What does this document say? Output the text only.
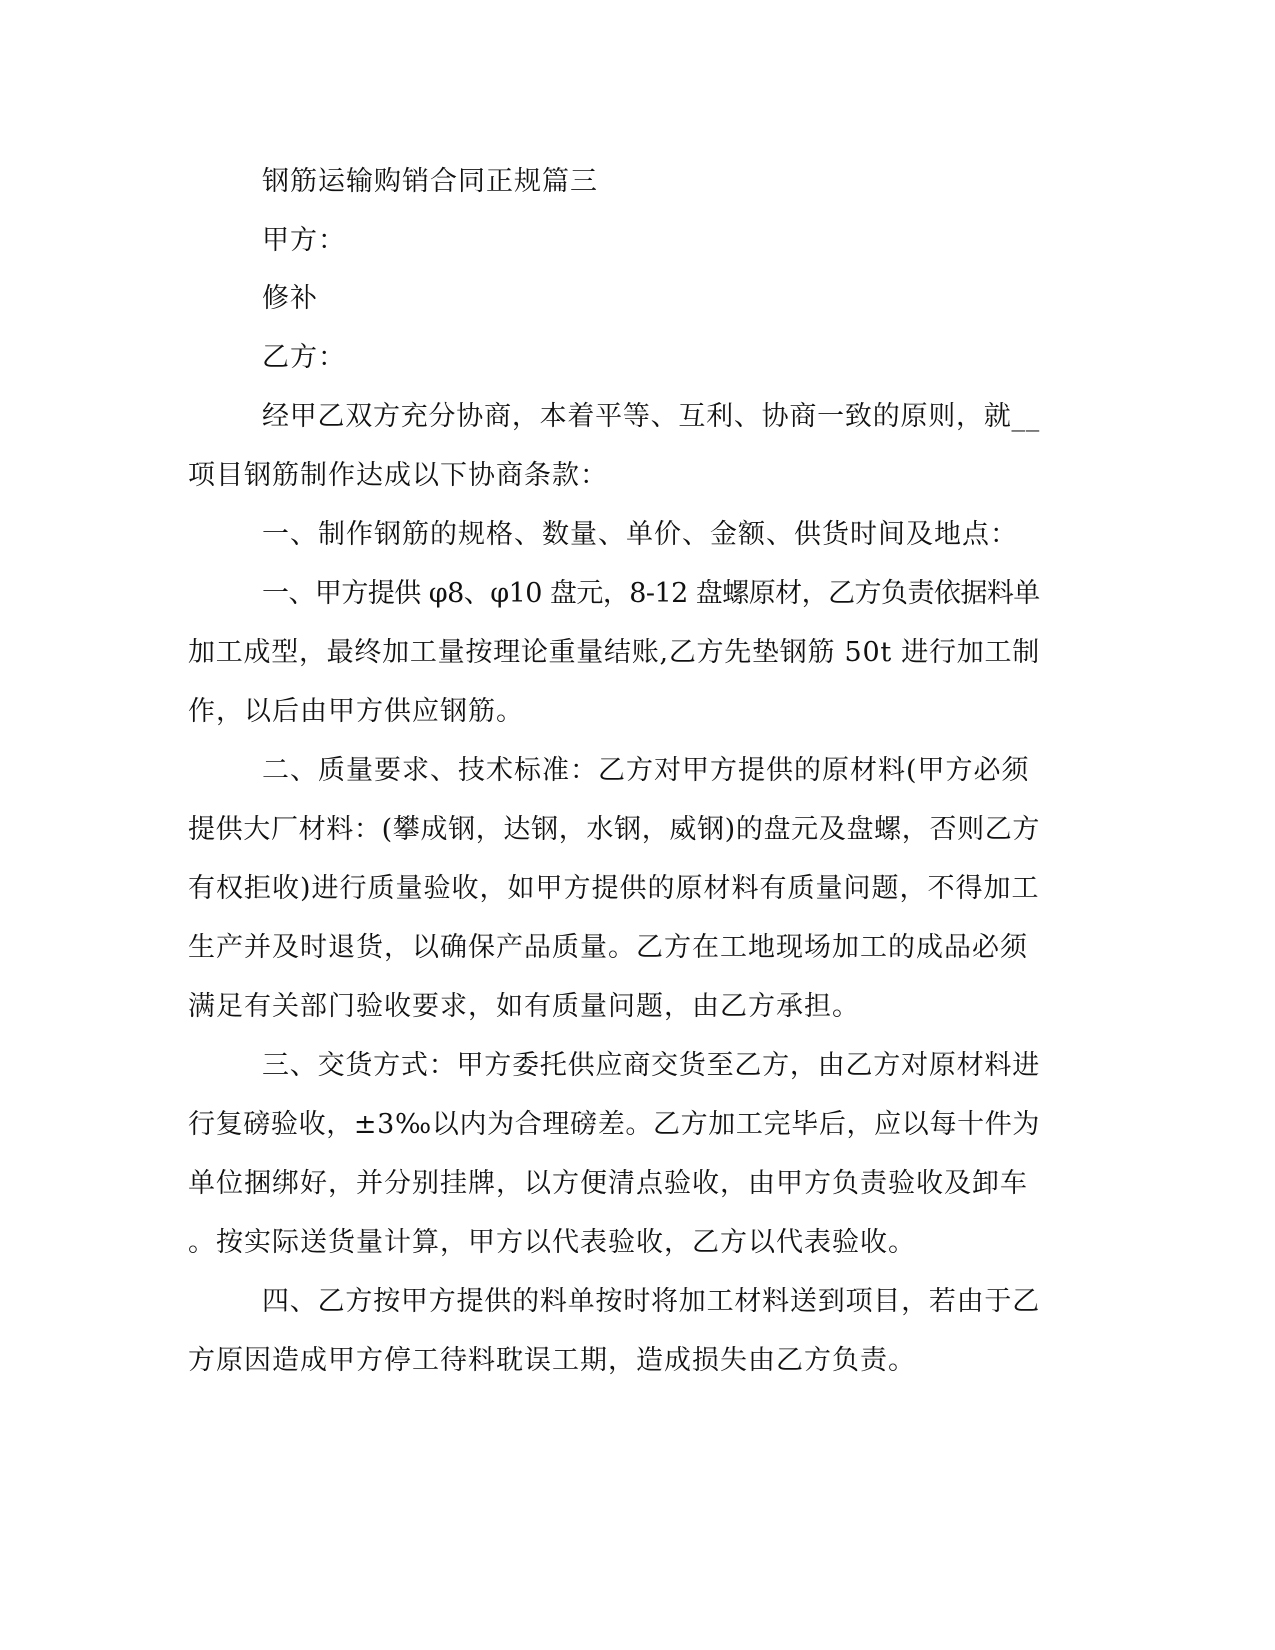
钢筋运输购销合同正规篇三
甲方：
修补
乙方：
经甲乙双方充分协商，本着平等、互利、协商一致的原则，就__
项目钢筋制作达成以下协商条款：
一、制作钢筋的规格、数量、单价、金额、供货时间及地点：
一、甲方提供 φ8、φ10 盘元，8-12 盘螺原材，乙方负责依据料单
加工成型，最终加工量按理论重量结账,乙方先垫钢筋 50t 进行加工制
作，以后由甲方供应钢筋。
二、质量要求、技术标准：乙方对甲方提供的原材料(甲方必须
提供大厂材料：(攀成钢，达钢，水钢，威钢)的盘元及盘螺，否则乙方
有权拒收)进行质量验收，如甲方提供的原材料有质量问题，不得加工
生产并及时退货，以确保产品质量。乙方在工地现场加工的成品必须
满足有关部门验收要求，如有质量问题，由乙方承担。
三、交货方式：甲方委托供应商交货至乙方，由乙方对原材料进
行复磅验收，±3‰以内为合理磅差。乙方加工完毕后，应以每十件为
单位捆绑好，并分别挂牌，以方便清点验收，由甲方负责验收及卸车
。按实际送货量计算，甲方以代表验收，乙方以代表验收。
四、乙方按甲方提供的料单按时将加工材料送到项目，若由于乙
方原因造成甲方停工待料耽误工期，造成损失由乙方负责。
